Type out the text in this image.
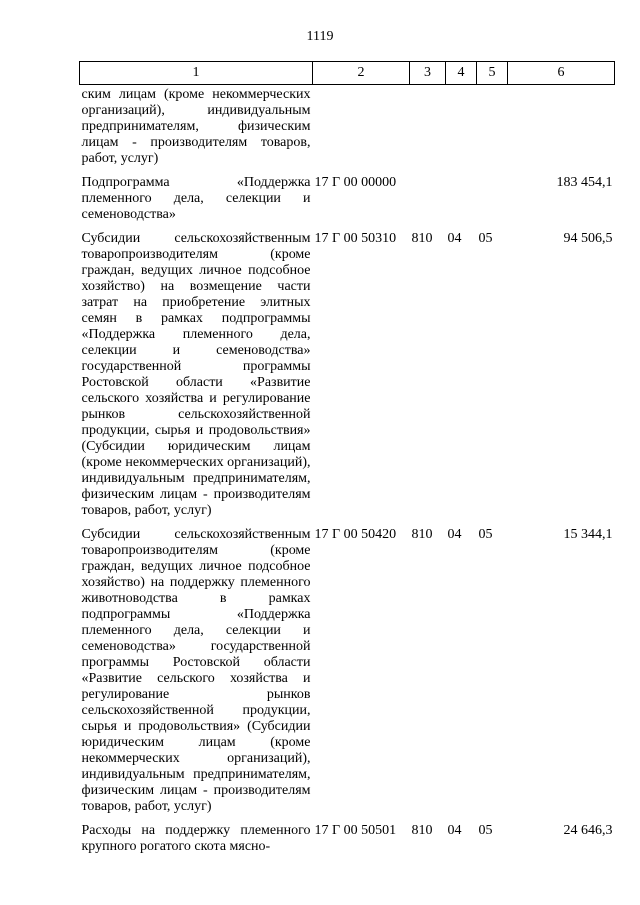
1119
1	2	3	4	5	6
ским лицам (кроме некоммерческих организаций), индивидуальным предпринимателям, физическим лицам - производителям товаров, работ, услуг)					
Подпрограмма «Поддержка племенного дела, селекции и семеноводства»	17 Г 00 00000				183 454,1
Субсидии сельскохозяйственным товаропроизводителям (кроме граждан, ведущих личное подсобное хозяйство) на возмещение части затрат на приобретение элитных семян в рамках подпрограммы «Поддержка племенного дела, селекции и семеноводства» государственной программы Ростовской области «Развитие сельского хозяйства и регулирование рынков сельскохозяйственной продукции, сырья и продовольствия» (Субсидии юридическим лицам (кроме некоммерческих организаций), индивидуальным предпринимателям, физическим лицам - производителям товаров, работ, услуг)	17 Г 00 50310	810	04	05	94 506,5
Субсидии сельскохозяйственным товаропроизводителям (кроме граждан, ведущих личное подсобное хозяйство) на поддержку племенного животноводства в рамках подпрограммы «Поддержка племенного дела, селекции и семеноводства» государственной программы Ростовской области «Развитие сельского хозяйства и регулирование рынков сельскохозяйственной продукции, сырья и продовольствия» (Субсидии юридическим лицам (кроме некоммерческих организаций), индивидуальным предпринимателям, физическим лицам - производителям товаров, работ, услуг)	17 Г 00 50420	810	04	05	15 344,1
Расходы на поддержку племенного крупного рогатого скота мясно-	17 Г 00 50501	810	04	05	24 646,3
